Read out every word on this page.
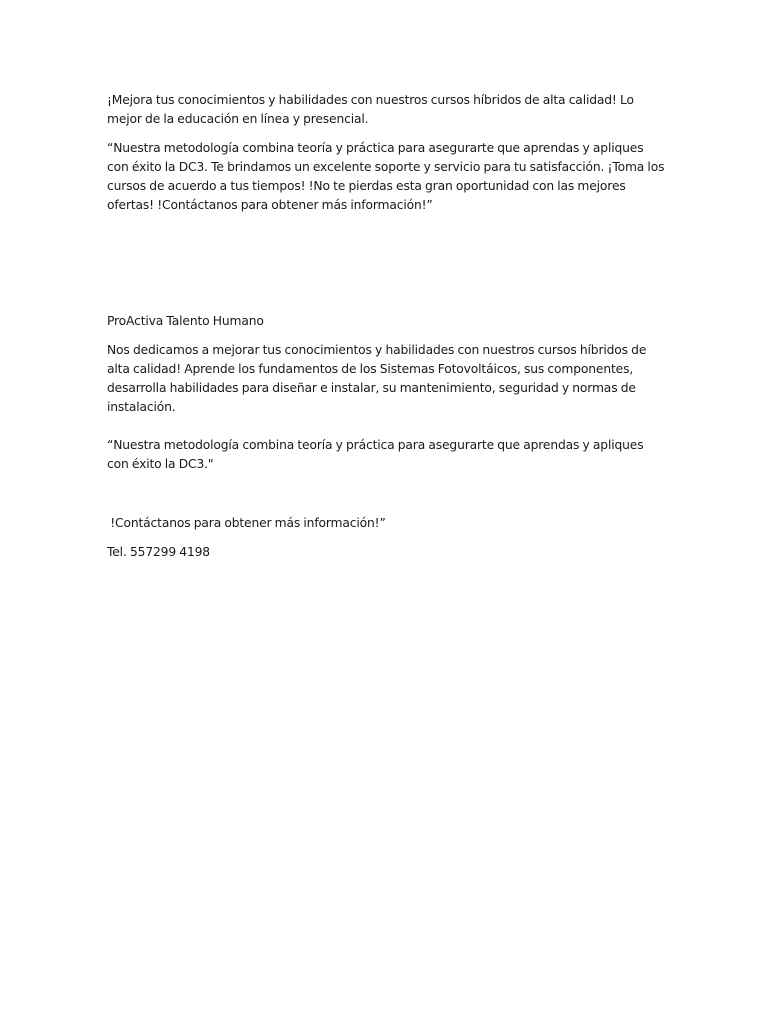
¡Mejora tus conocimientos y habilidades con nuestros cursos híbridos de alta calidad! Lo mejor de la educación en línea y presencial.

“Nuestra metodología combina teoría y práctica para asegurarte que aprendas y apliques con éxito la DC3. Te brindamos un excelente soporte y servicio para tu satisfacción. ¡Toma los cursos de acuerdo a tus tiempos! !No te pierdas esta gran oportunidad con las mejores ofertas! !Contáctanos para obtener más información!”

ProActiva Talento Humano

Nos dedicamos a mejorar tus conocimientos y habilidades con nuestros cursos híbridos de alta calidad! Aprende los fundamentos de los Sistemas Fotovoltáicos, sus componentes, desarrolla habilidades para diseñar e instalar, su mantenimiento, seguridad y normas de instalación.

“Nuestra metodología combina teoría y práctica para asegurarte que aprendas y apliques con éxito la DC3."

!Contáctanos para obtener más información!”

Tel. 557299 4198
